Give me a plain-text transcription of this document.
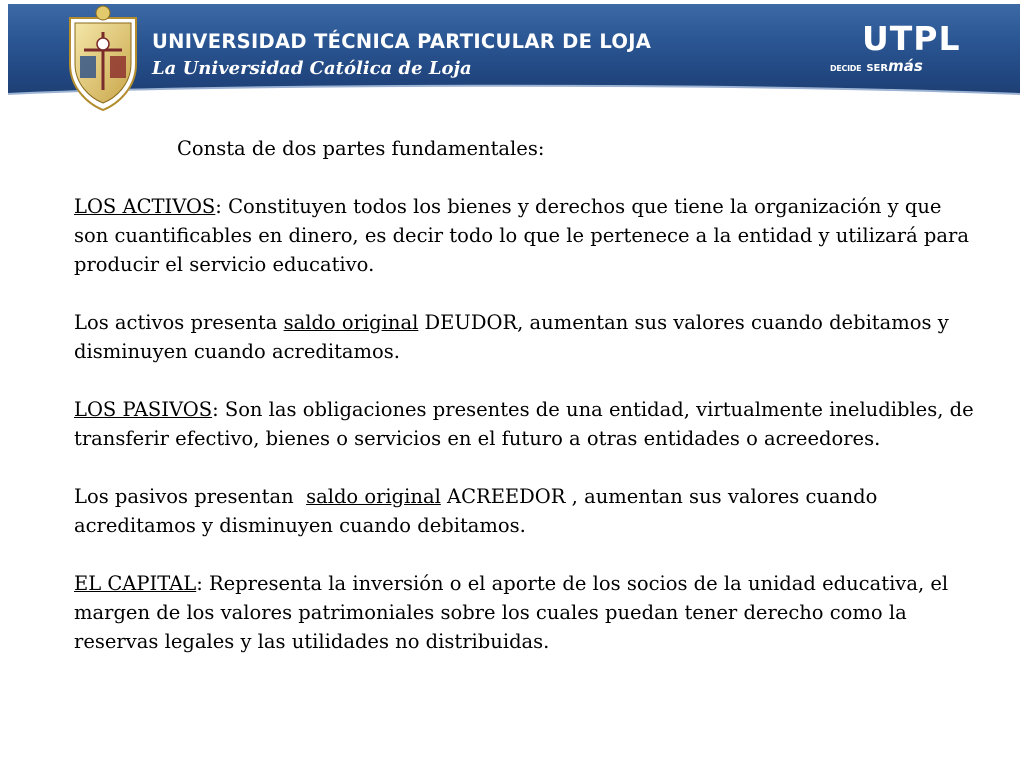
UNIVERSIDAD TÉCNICA PARTICULAR DE LOJA
La Universidad Católica de Loja
UTPL
DECIDE SERmás

Consta de dos partes fundamentales:

LOS ACTIVOS: Constituyen todos los bienes y derechos que tiene la organización y que son cuantificables en dinero, es decir todo lo que le pertenece a la entidad y utilizará para producir el servicio educativo.

Los activos presenta saldo original DEUDOR, aumentan sus valores cuando debitamos y disminuyen cuando acreditamos.

LOS PASIVOS: Son las obligaciones presentes de una entidad, virtualmente ineludibles, de transferir efectivo, bienes o servicios en el futuro a otras entidades o acreedores.

Los pasivos presentan  saldo original ACREEDOR , aumentan sus valores cuando acreditamos y disminuyen cuando debitamos.

EL CAPITAL: Representa la inversión o el aporte de los socios de la unidad educativa, el margen de los valores patrimoniales sobre los cuales puedan tener derecho como la reservas legales y las utilidades no distribuidas.
